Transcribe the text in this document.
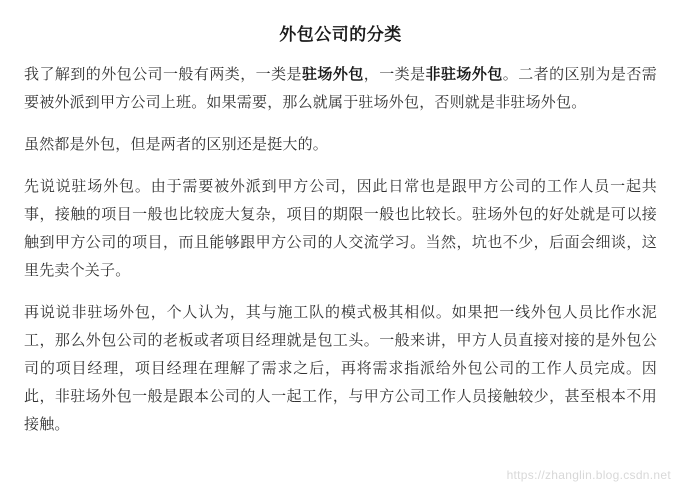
外包公司的分类

我了解到的外包公司一般有两类，一类是驻场外包，一类是非驻场外包。二者的区别为是否需要被外派到甲方公司上班。如果需要，那么就属于驻场外包，否则就是非驻场外包。

虽然都是外包，但是两者的区别还是挺大的。

先说说驻场外包。由于需要被外派到甲方公司，因此日常也是跟甲方公司的工作人员一起共事，接触的项目一般也比较庞大复杂，项目的期限一般也比较长。驻场外包的好处就是可以接触到甲方公司的项目，而且能够跟甲方公司的人交流学习。当然，坑也不少，后面会细谈，这里先卖个关子。

再说说非驻场外包，个人认为，其与施工队的模式极其相似。如果把一线外包人员比作水泥工，那么外包公司的老板或者项目经理就是包工头。一般来讲，甲方人员直接对接的是外包公司的项目经理，项目经理在理解了需求之后，再将需求指派给外包公司的工作人员完成。因此，非驻场外包一般是跟本公司的人一起工作，与甲方公司工作人员接触较少，甚至根本不用接触。

https://zhanglin.blog.csdn.net
